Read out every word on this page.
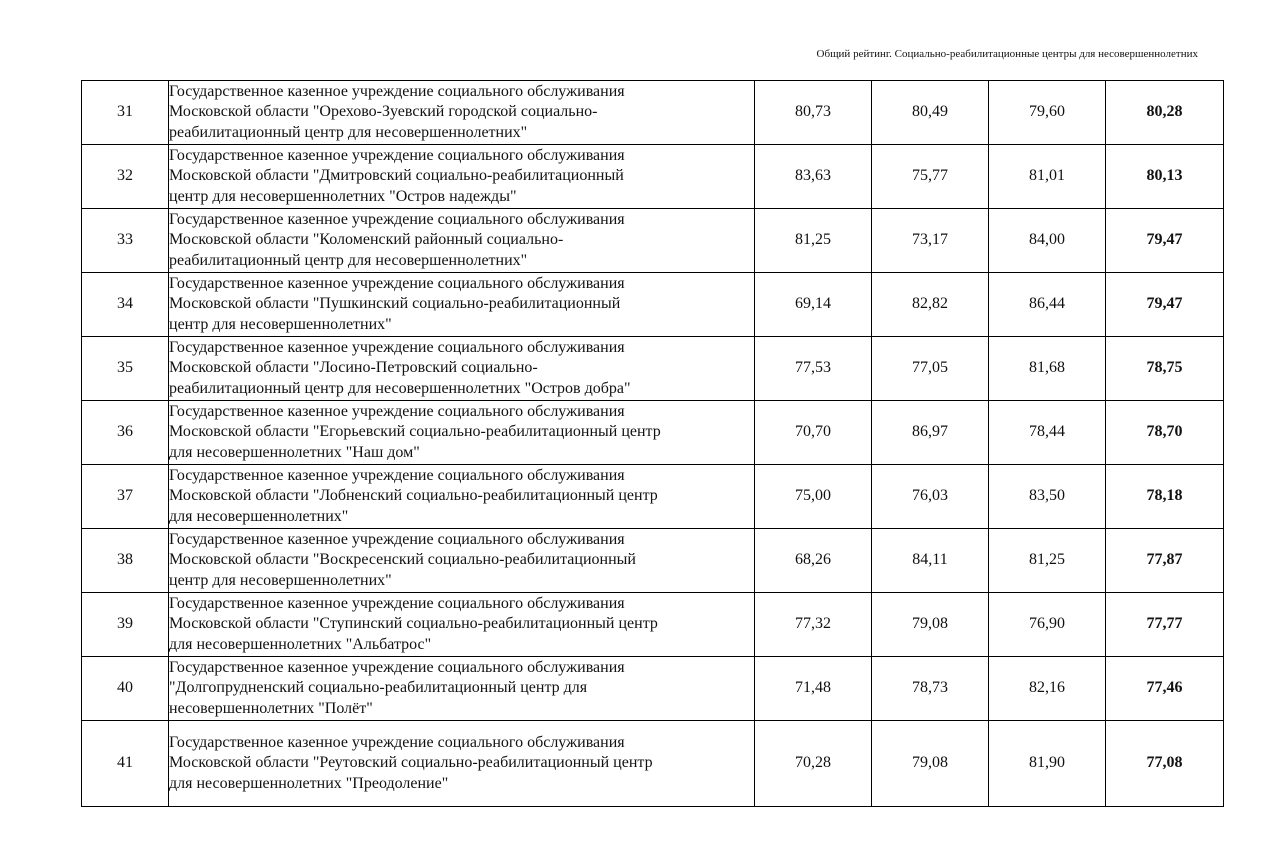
Общий рейтинг. Социально-реабилитационные центры для несовершеннолетних
31	Государственное казенное учреждение социального обслуживания
Московской области "Орехово-Зуевский городской социально-
реабилитационный центр для несовершеннолетних"	80,73	80,49	79,60	80,28
32	Государственное казенное учреждение социального обслуживания
Московской области "Дмитровский социально-реабилитационный
центр для несовершеннолетних "Остров надежды"	83,63	75,77	81,01	80,13
33	Государственное казенное учреждение социального обслуживания
Московской области "Коломенский районный социально-
реабилитационный центр для несовершеннолетних"	81,25	73,17	84,00	79,47
34	Государственное казенное учреждение социального обслуживания
Московской области "Пушкинский социально-реабилитационный
центр для несовершеннолетних"	69,14	82,82	86,44	79,47
35	Государственное казенное учреждение социального обслуживания
Московской области "Лосино-Петровский социально-
реабилитационный центр для несовершеннолетних "Остров добра"	77,53	77,05	81,68	78,75
36	Государственное казенное учреждение социального обслуживания
Московской области "Егорьевский социально-реабилитационный центр
для несовершеннолетних "Наш дом"	70,70	86,97	78,44	78,70
37	Государственное казенное учреждение социального обслуживания
Московской области "Лобненский социально-реабилитационный центр
для несовершеннолетних"	75,00	76,03	83,50	78,18
38	Государственное казенное учреждение социального обслуживания
Московской области "Воскресенский социально-реабилитационный
центр для несовершеннолетних"	68,26	84,11	81,25	77,87
39	Государственное казенное учреждение социального обслуживания
Московской области "Ступинский социально-реабилитационный центр
для несовершеннолетних "Альбатрос"	77,32	79,08	76,90	77,77
40	Государственное казенное учреждение социального обслуживания
"Долгопрудненский социально-реабилитационный центр для
несовершеннолетних "Полёт"	71,48	78,73	82,16	77,46
41	Государственное казенное учреждение социального обслуживания
Московской области "Реутовский социально-реабилитационный центр
для несовершеннолетних "Преодоление"	70,28	79,08	81,90	77,08
